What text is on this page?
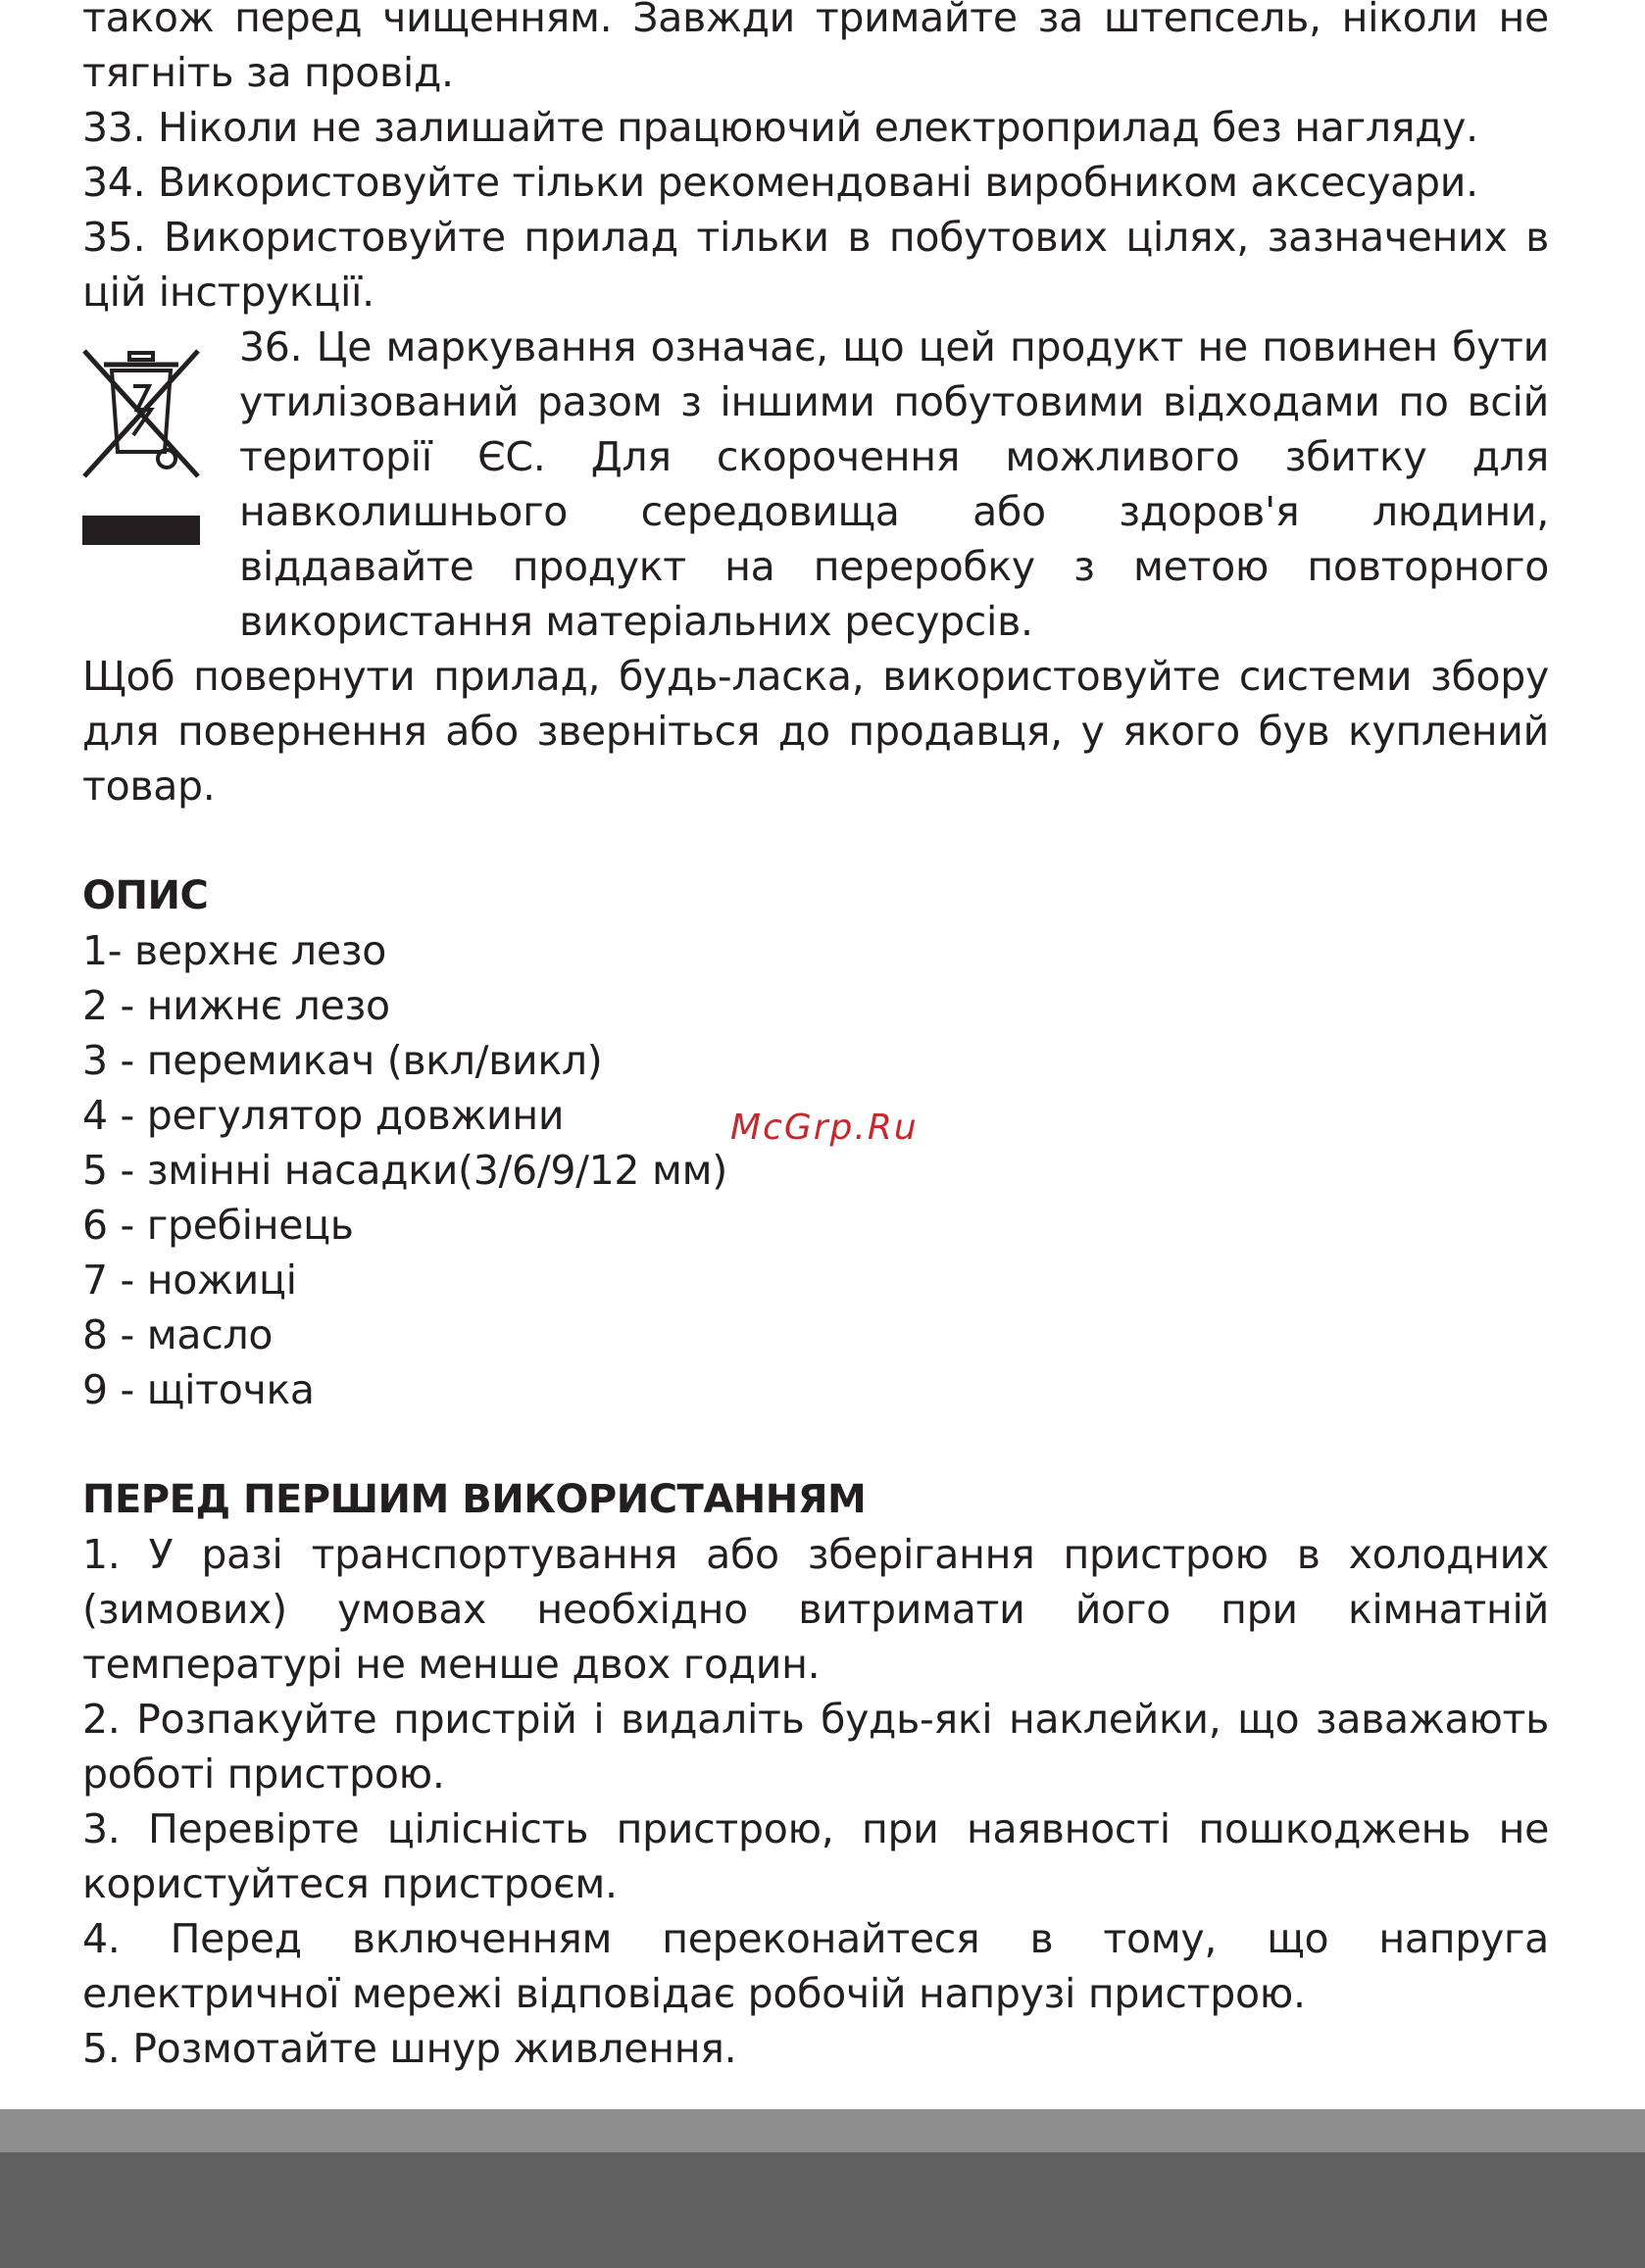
також перед чищенням. Завжди тримайте за штепсель, ніколи не тягніть за провід.

33. Ніколи не залишайте працюючий електроприлад без нагляду.

34. Використовуйте тільки рекомендовані виробником аксесуари.

35. Використовуйте прилад тільки в побутових цілях, зазначених в цій інструкції.

36. Це маркування означає, що цей продукт не повинен бути утилізований разом з іншими побутовими відходами по всій території ЄС. Для скорочення можливого збитку для навколишнього середовища або здоров'я людини, віддавайте продукт на переробку з метою повторного використання матеріальних ресурсів.

Щоб повернути прилад, будь-ласка, використовуйте системи збору для повернення або зверніться до продавця, у якого був куплений товар.

ОПИС

1- верхнє лезо

2 - нижнє лезо

3 - перемикач (вкл/викл)

4 - регулятор довжини

5 - змінні насадки(3/6/9/12 мм)

6 - гребінець

7 - ножиці

8 - масло

9 - щіточка

ПЕРЕД ПЕРШИМ ВИКОРИСТАННЯМ

1. У разі транспортування або зберігання пристрою в холодних (зимових) умовах необхідно витримати його при кімнатній температурі не менше двох годин.

2. Розпакуйте пристрій і видаліть будь-які наклейки, що заважають роботі пристрою.

3. Перевірте цілісність пристрою, при наявності пошкоджень не користуйтеся пристроєм.

4. Перед включенням переконайтеся в тому, що напруга електричної мережі відповідає робочій напрузі пристрою.

5. Розмотайте шнур живлення.

McGrp.Ru
